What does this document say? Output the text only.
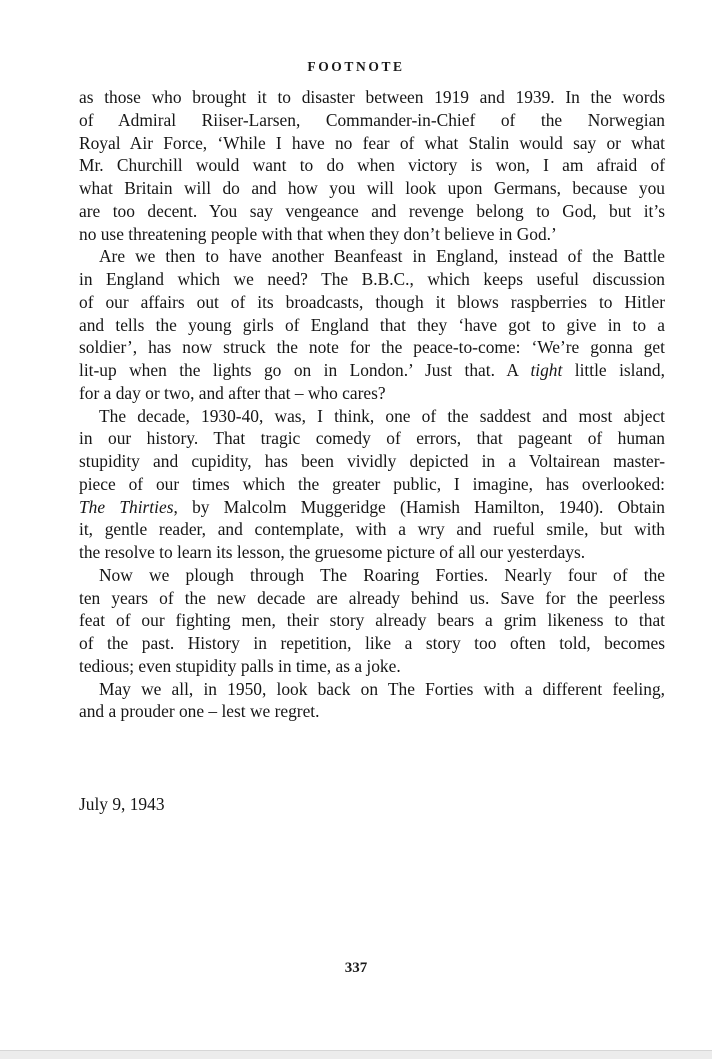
FOOTNOTE
as those who brought it to disaster between 1919 and 1939. In the words
of Admiral Riiser-Larsen, Commander-in-Chief of the Norwegian
Royal Air Force, ‘While I have no fear of what Stalin would say or what
Mr. Churchill would want to do when victory is won, I am afraid of
what Britain will do and how you will look upon Germans, because you
are too decent. You say vengeance and revenge belong to God, but it’s
no use threatening people with that when they don’t believe in God.’
Are we then to have another Beanfeast in England, instead of the Battle
in England which we need? The B.B.C., which keeps useful discussion
of our affairs out of its broadcasts, though it blows raspberries to Hitler
and tells the young girls of England that they ‘have got to give in to a
soldier’, has now struck the note for the peace-to-come: ‘We’re gonna get
lit-up when the lights go on in London.’ Just that. A tight little island,
for a day or two, and after that – who cares?
The decade, 1930-40, was, I think, one of the saddest and most abject
in our history. That tragic comedy of errors, that pageant of human
stupidity and cupidity, has been vividly depicted in a Voltairean master-
piece of our times which the greater public, I imagine, has overlooked:
The Thirties, by Malcolm Muggeridge (Hamish Hamilton, 1940). Obtain
it, gentle reader, and contemplate, with a wry and rueful smile, but with
the resolve to learn its lesson, the gruesome picture of all our yesterdays.
Now we plough through The Roaring Forties. Nearly four of the
ten years of the new decade are already behind us. Save for the peerless
feat of our fighting men, their story already bears a grim likeness to that
of the past. History in repetition, like a story too often told, becomes
tedious; even stupidity palls in time, as a joke.
May we all, in 1950, look back on The Forties with a different feeling,
and a prouder one – lest we regret.
July 9, 1943
337
